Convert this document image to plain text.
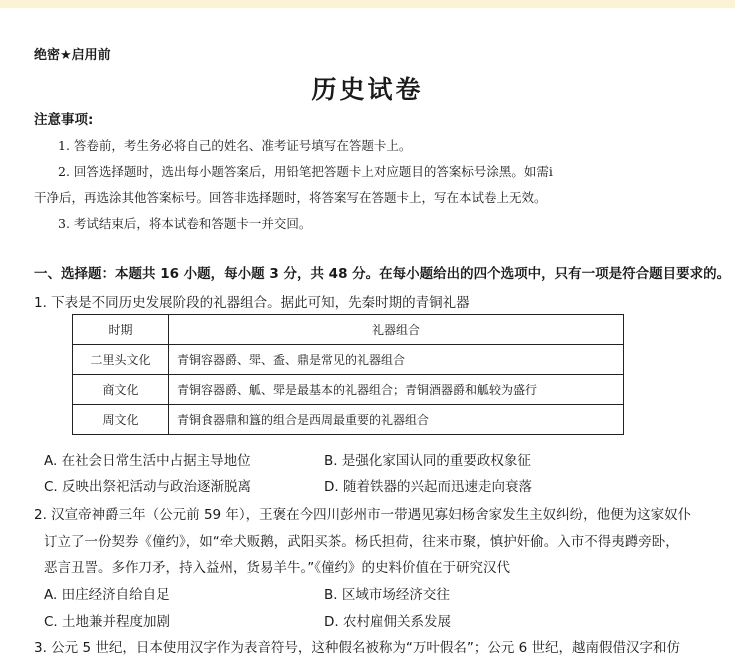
绝密★启用前
历史试卷
注意事项:
1. 答卷前，考生务必将自己的姓名、准考证号填写在答题卡上。
2. 回答选择题时，选出每小题答案后，用铅笔把答题卡上对应题目的答案标号涂黑。如需i
干净后，再选涂其他答案标号。回答非选择题时，将答案写在答题卡上，写在本试卷上无效。
3. 考试结束后，将本试卷和答题卡一并交回。
一、选择题：本题共 16 小题，每小题 3 分，共 48 分。在每小题给出的四个选项中，只有一项是符合题目要求的。
1. 下表是不同历史发展阶段的礼器组合。据此可知，先秦时期的青铜礼器
时期	礼器组合
二里头文化	青铜容器爵、斝、盉、鼎是常见的礼器组合
商文化	青铜容器爵、觚、斝是最基本的礼器组合；青铜酒器爵和觚较为盛行
周文化	青铜食器鼎和簋的组合是西周最重要的礼器组合
A. 在社会日常生活中占据主导地位	B. 是强化家国认同的重要政权象征
C. 反映出祭祀活动与政治逐渐脱离	D. 随着铁器的兴起而迅速走向衰落
2. 汉宣帝神爵三年（公元前 59 年），王褒在今四川彭州市一带遇见寡妇杨舍家发生主奴纠纷，他便为这家奴仆
订立了一份契券《僮约》，如“牵犬贩鹅，武阳买茶。杨氏担荷，往来市聚，慎护奸偷。入市不得夷蹲旁卧，
恶言丑詈。多作刀矛，持入益州，货易羊牛。”《僮约》的史料价值在于研究汉代
A. 田庄经济自给自足	B. 区域市场经济交往
C. 土地兼并程度加剧	D. 农村雇佣关系发展
3. 公元 5 世纪，日本使用汉字作为表音符号，这种假名被称为“万叶假名”；公元 6 世纪，越南假借汉字和仿
